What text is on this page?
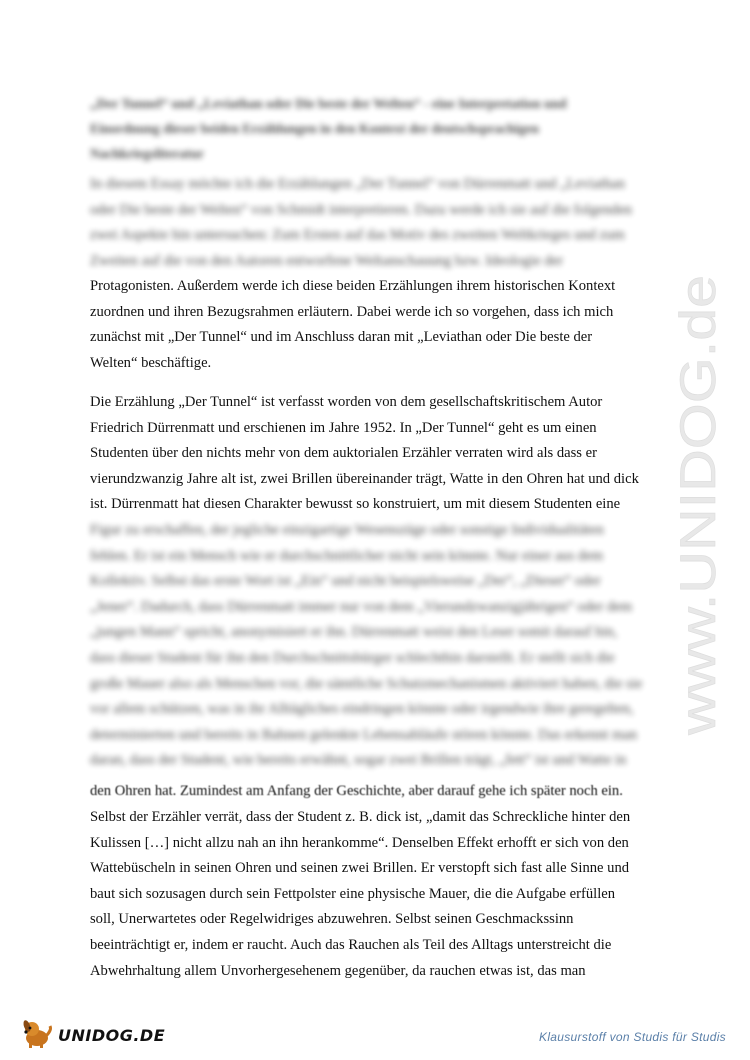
„Der Tunnel“ und „Leviathan oder Die beste der Welten“ - eine Interpretation und
Einordnung dieser beiden Erzählungen in den Kontext der deutschsprachigen
Nachkriegsliteratur
In diesem Essay möchte ich die Erzählungen „Der Tunnel“ von Dürrenmatt und „Leviathan
oder Die beste der Welten“ von Schmidt interpretieren. Dazu werde ich sie auf die folgenden
zwei Aspekte hin untersuchen: Zum Ersten auf das Motiv des zweiten Weltkrieges und zum
Zweiten auf die von den Autoren entworfene Weltanschauung bzw. Ideologie der
Protagonisten. Außerdem werde ich diese beiden Erzählungen ihrem historischen Kontext
zuordnen und ihren Bezugsrahmen erläutern. Dabei werde ich so vorgehen, dass ich mich
zunächst mit „Der Tunnel“ und im Anschluss daran mit „Leviathan oder Die beste der
Welten“ beschäftige.
Die Erzählung „Der Tunnel“ ist verfasst worden von dem gesellschaftskritischem Autor
Friedrich Dürrenmatt und erschienen im Jahre 1952. In „Der Tunnel“ geht es um einen
Studenten über den nichts mehr von dem auktorialen Erzähler verraten wird als dass er
vierundzwanzig Jahre alt ist, zwei Brillen übereinander trägt, Watte in den Ohren hat und dick
ist. Dürrenmatt hat diesen Charakter bewusst so konstruiert, um mit diesem Studenten eine
Figur zu erschaffen, der jegliche einzigartige Wesenszüge oder sonstige Individualitäten
fehlen. Er ist ein Mensch wie er durchschnittlicher nicht sein könnte. Nur einer aus dem
Kollektiv. Selbst das erste Wort ist „Ein“ und nicht beispielsweise „Der“, „Dieser“ oder
„Jener“. Dadurch, dass Dürrenmatt immer nur von dem „Vierundzwanzigjährigen“ oder dem
„jungen Mann“ spricht, anonymisiert er ihn. Dürrenmatt weist den Leser somit darauf hin,
dass dieser Student für ihn den Durchschnittsbürger schlechthin darstellt. Er stellt sich die
große Mauer also als Menschen vor, die sämtliche Schutzmechanismen aktiviert haben, die sie
vor allem schützen, was in ihr Alltägliches eindringen könnte oder irgendwie ihre geregelten,
determinierten und bereits in Bahnen gelenkte Lebensabläufe stören könnte. Das erkennt man
daran, dass der Student, wie bereits erwähnt, sogar zwei Brillen trägt, „fett“ ist und Watte in
den Ohren hat. Zumindest am Anfang der Geschichte, aber darauf gehe ich später noch ein.
Selbst der Erzähler verrät, dass der Student z. B. dick ist, „damit das Schreckliche hinter den
Kulissen […] nicht allzu nah an ihn herankomme“. Denselben Effekt erhofft er sich von den
Wattebüscheln in seinen Ohren und seinen zwei Brillen. Er verstopft sich fast alle Sinne und
baut sich sozusagen durch sein Fettpolster eine physische Mauer, die die Aufgabe erfüllen
soll, Unerwartetes oder Regelwidriges abzuwehren. Selbst seinen Geschmackssinn
beeinträchtigt er, indem er raucht. Auch das Rauchen als Teil des Alltags unterstreicht die
Abwehrhaltung allem Unvorhergesehenem gegenüber, da rauchen etwas ist, das man
www.UNIDOG.de
UNIDOG.DE	Klausurstoff von Studis für Studis
